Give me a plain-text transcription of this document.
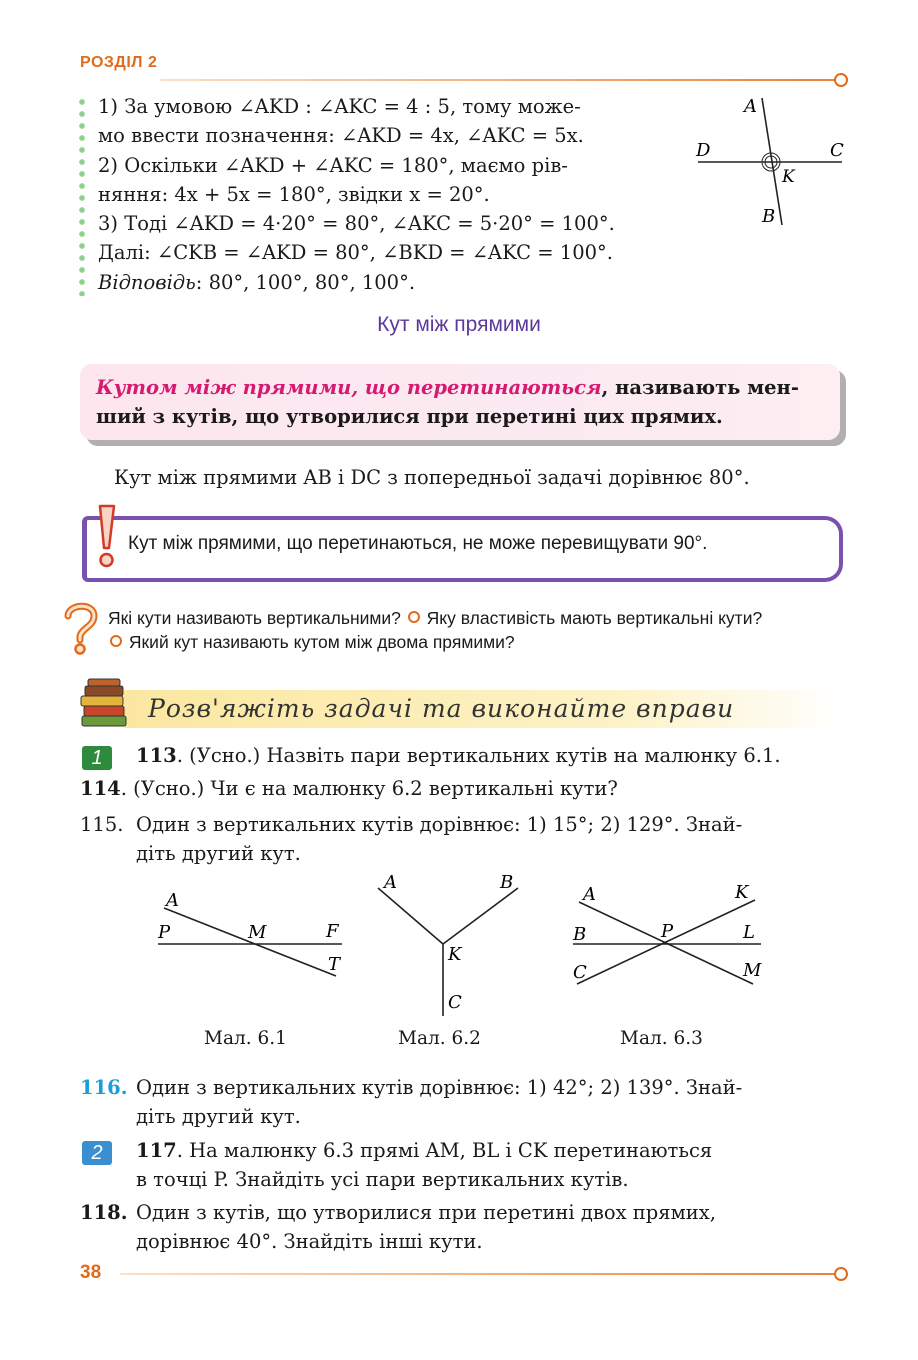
РОЗДІЛ 2
1) За умовою ∠AKD : ∠AKC = 4 : 5, тому може-
мо ввести позначення: ∠AKD = 4x, ∠AKC = 5x.
2) Оскільки ∠AKD + ∠AKC = 180°, маємо рів-
няння: 4x + 5x = 180°, звідки x = 20°.
3) Тоді ∠AKD = 4·20° = 80°, ∠AKC = 5·20° = 100°.
Далі: ∠CKB = ∠AKD = 80°, ∠BKD = ∠AKC = 100°.
Відповідь: 80°, 100°, 80°, 100°.
A
D	C
K
B
Кут між прямими
Кутом між прямими, що перетинаються, називають мен-
ший з кутів, що утворилися при перетині цих прямих.
Кут між прямими AB і DC з попередньої задачі дорівнює 80°.
Кут між прямими, що перетинаються, не може перевищувати 90°.
Які кути називають вертикальними? Яку властивість мають вертикальні кути?
Який кут називають кутом між двома прямими?
Розв'яжіть задачі та виконайте вправи
1	113. (Усно.) Назвіть пари вертикальних кутів на малюнку 6.1.
114. (Усно.) Чи є на малюнку 6.2 вертикальні кути?
115. Один з вертикальних кутів дорівнює: 1) 15°; 2) 129°. Знай-
діть другий кут.
A
P	M	F
T
Мал. 6.1
A	B
K
C
Мал. 6.2
A	K
B	P	L
C	M
Мал. 6.3
116. Один з вертикальних кутів дорівнює: 1) 42°; 2) 139°. Знай-
діть другий кут.
2	117. На малюнку 6.3 прямі AM, BL і CK перетинаються
в точці P. Знайдіть усі пари вертикальних кутів.
118. Один з кутів, що утворилися при перетині двох прямих,
дорівнює 40°. Знайдіть інші кути.
38
